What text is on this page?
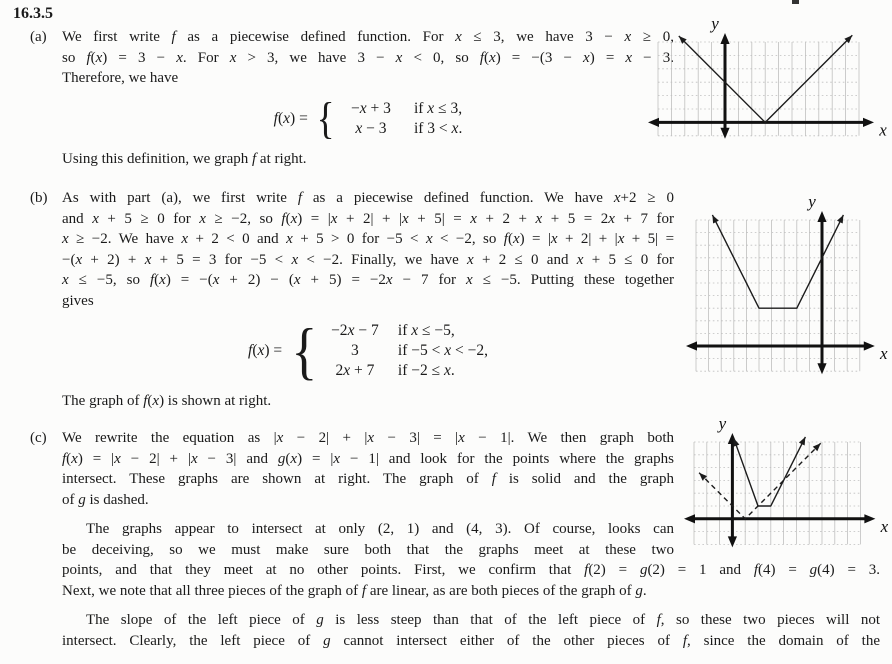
16.3.5
(a) We first write f as a piecewise defined function. For x ≤ 3, we have 3 − x ≥ 0,
so f(x) = 3 − x. For x > 3, we have 3 − x < 0, so f(x) = −(3 − x) = x − 3.
Therefore, we have
f(x) = {	−x + 3	if x ≤ 3,
x − 3	if 3 < x.
Using this definition, we graph f at right.
(b) As with part (a), we first write f as a piecewise defined function. We have x+2 ≥ 0
and x + 5 ≥ 0 for x ≥ −2, so f(x) = |x + 2| + |x + 5| = x + 2 + x + 5 = 2x + 7 for
x ≥ −2. We have x + 2 < 0 and x + 5 > 0 for −5 < x < −2, so f(x) = |x + 2| + |x + 5| =
−(x + 2) + x + 5 = 3 for −5 < x < −2. Finally, we have x + 2 ≤ 0 and x + 5 ≤ 0 for
x ≤ −5, so f(x) = −(x + 2) − (x + 5) = −2x − 7 for x ≤ −5. Putting these together
gives
f(x) = { −2x − 7	if x ≤ −5,
3	if −5 < x < −2,
2x + 7	if −2 ≤ x.
The graph of f(x) is shown at right.
(c) We rewrite the equation as |x − 2| + |x − 3| = |x − 1|. We then graph both
f(x) = |x − 2| + |x − 3| and g(x) = |x − 1| and look for the points where the graphs
intersect. These graphs are shown at right. The graph of f is solid and the graph
of g is dashed.
The graphs appear to intersect at only (2, 1) and (4, 3). Of course, looks can
be deceiving, so we must make sure both that the graphs meet at these two
points, and that they meet at no other points. First, we confirm that f(2) = g(2) = 1 and f(4) = g(4) = 3.
Next, we note that all three pieces of the graph of f are linear, as are both pieces of the graph of g.
The slope of the left piece of g is less steep than that of the left piece of f, so these two pieces will not
intersect. Clearly, the left piece of g cannot intersect either of the other pieces of f, since the domain of the
y
x
y
x
y
x
